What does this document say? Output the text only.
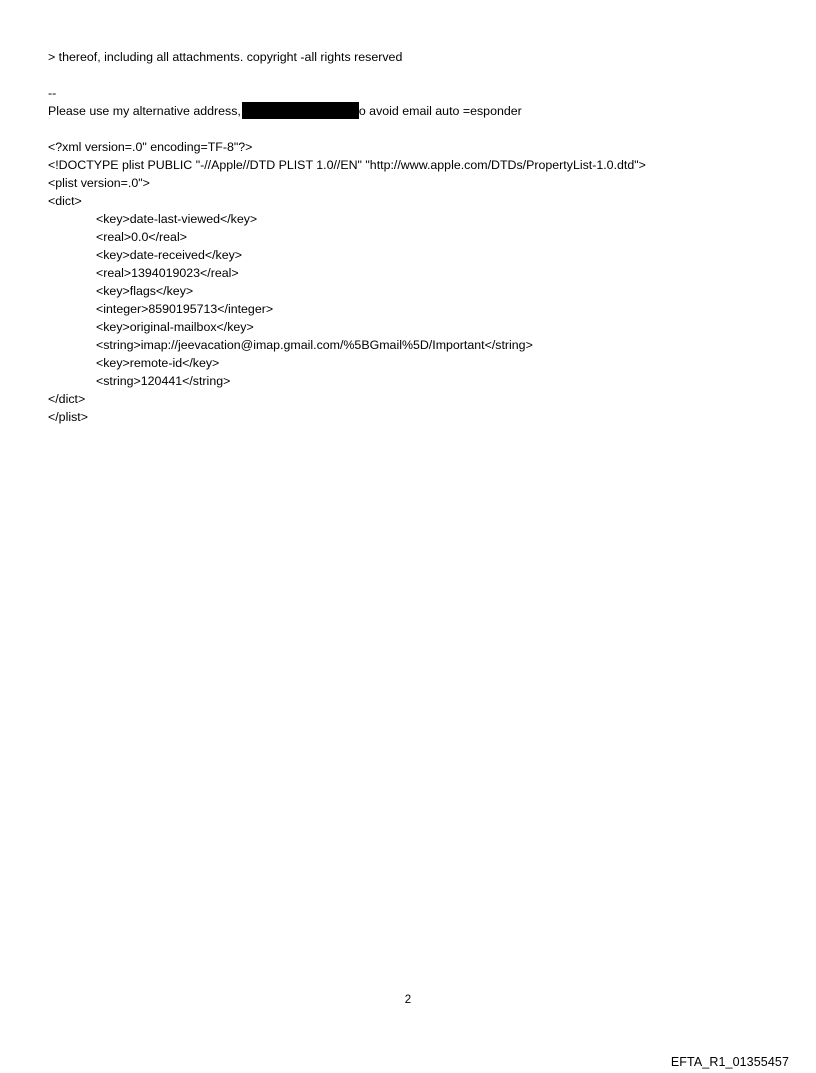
> thereof, including all attachments. copyright -all rights reserved
--
Please use my alternative address,	o avoid email auto =esponder
<?xml version=.0" encoding=TF-8"?>
<!DOCTYPE plist PUBLIC "-//Apple//DTD PLIST 1.0//EN" "http://www.apple.com/DTDs/PropertyList-1.0.dtd">
<plist version=.0">
<dict>
<key>date-last-viewed</key>
<real>0.0</real>
<key>date-received</key>
<real>1394019023</real>
<key>flags</key>
<integer>8590195713</integer>
<key>original-mailbox</key>
<string>imap://jeevacation@imap.gmail.com/%5BGmail%5D/Important</string>
<key>remote-id</key>
<string>120441</string>
</dict>
</plist>
2
EFTA_R1_01355457
